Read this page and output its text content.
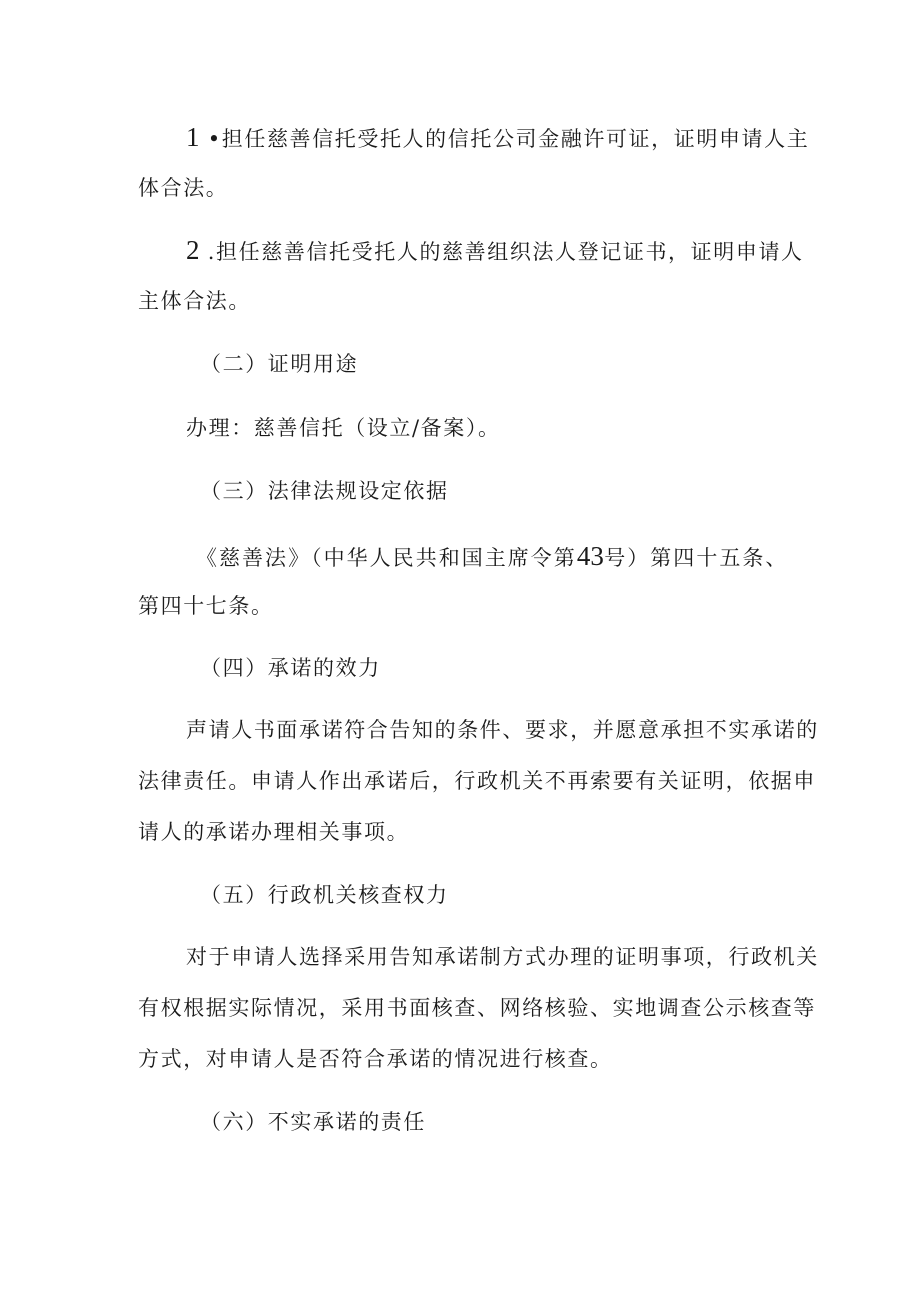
1 •担任慈善信托受托人的信托公司金融许可证，证明申请人主
体合法。
2 .担任慈善信托受托人的慈善组织法人登记证书，证明申请人
主体合法。
（二）证明用途
办理：慈善信托（设立/备案）。
（三）法律法规设定依据
《慈善法》（中华人民共和国主席令第43号）第四十五条、
第四十七条。
（四）承诺的效力
声请人书面承诺符合告知的条件、要求，并愿意承担不实承诺的
法律责任。申请人作出承诺后，行政机关不再索要有关证明，依据申
请人的承诺办理相关事项。
（五）行政机关核查权力
对于申请人选择采用告知承诺制方式办理的证明事项，行政机关
有权根据实际情况，采用书面核查、网络核验、实地调查公示核查等
方式，对申请人是否符合承诺的情况进行核查。
（六）不实承诺的责任
